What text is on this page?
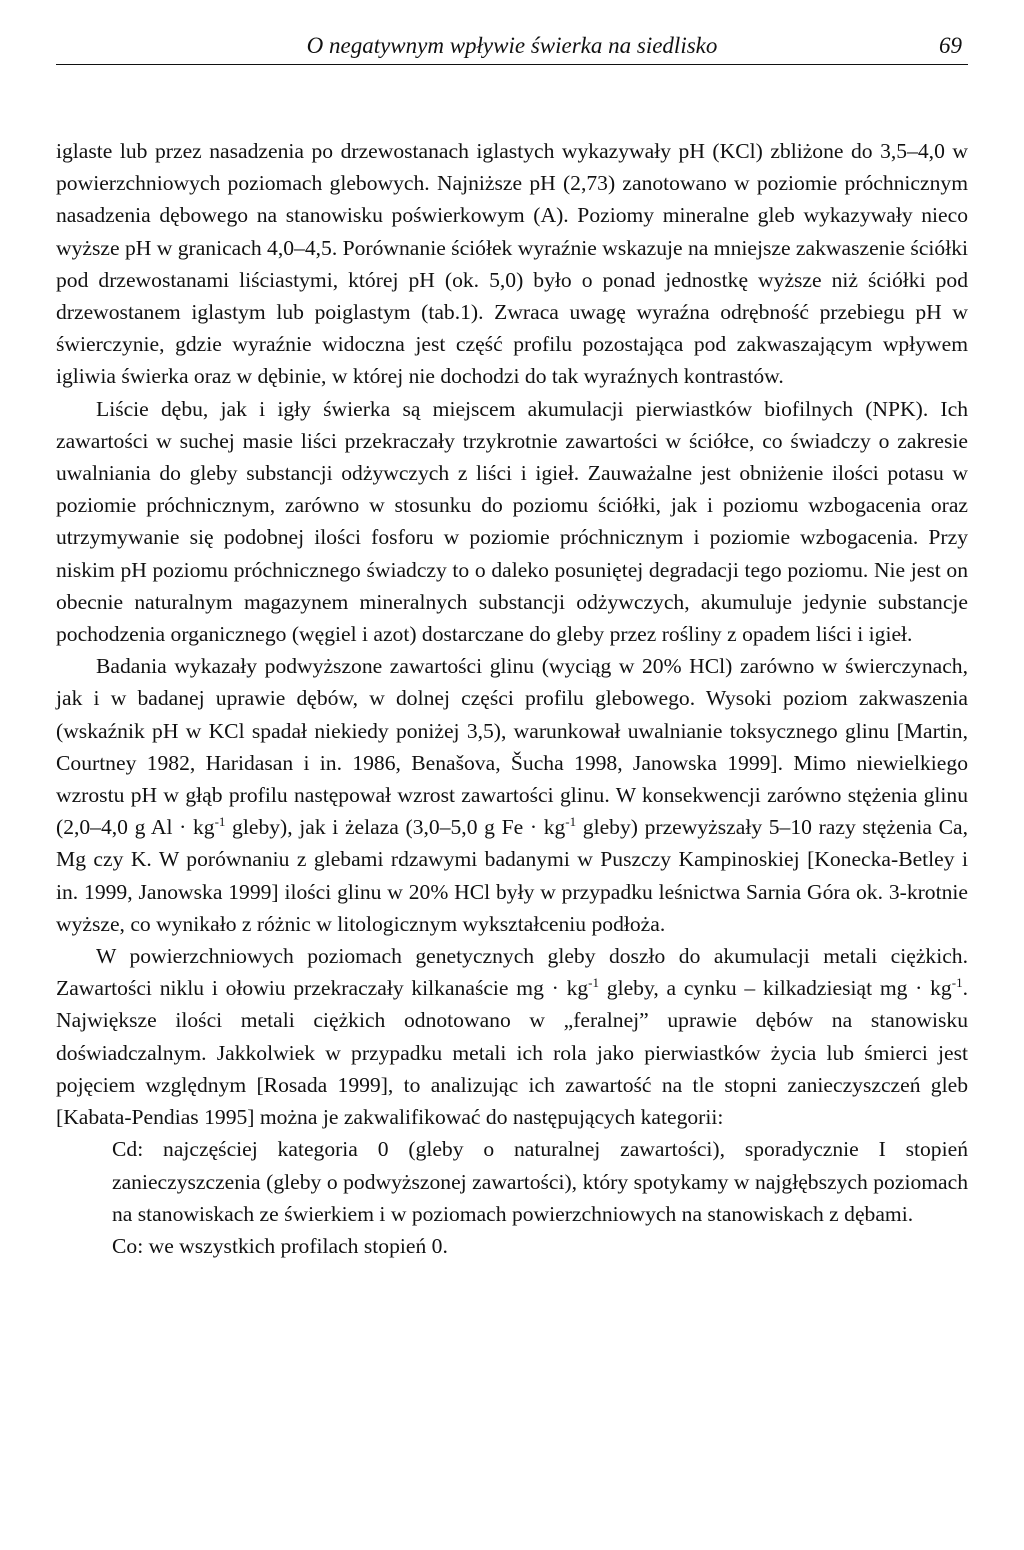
O negatywnym wpływie świerka na siedlisko	69

iglaste lub przez nasadzenia po drzewostanach iglastych wykazywały pH (KCl) zbliżone do 3,5–4,0 w powierzchniowych poziomach glebowych. Najniższe pH (2,73) zanotowano w poziomie próchnicznym nasadzenia dębowego na stanowisku poświerkowym (A). Poziomy mineralne gleb wykazywały nieco wyższe pH w granicach 4,0–4,5. Porównanie ściółek wyraźnie wskazuje na mniejsze zakwaszenie ściółki pod drzewostanami liściastymi, której pH (ok. 5,0) było o ponad jednostkę wyższe niż ściółki pod drzewostanem iglastym lub poiglastym (tab.1). Zwraca uwagę wyraźna odrębność przebiegu pH w świerczynie, gdzie wyraźnie widoczna jest część profilu pozostająca pod zakwaszającym wpływem igliwia świerka oraz w dębinie, w której nie dochodzi do tak wyraźnych kontrastów.

Liście dębu, jak i igły świerka są miejscem akumulacji pierwiastków biofilnych (NPK). Ich zawartości w suchej masie liści przekraczały trzykrotnie zawartości w ściółce, co świadczy o zakresie uwalniania do gleby substancji odżywczych z liści i igieł. Zauważalne jest obniżenie ilości potasu w poziomie próchnicznym, zarówno w stosunku do poziomu ściółki, jak i poziomu wzbogacenia oraz utrzymywanie się podobnej ilości fosforu w poziomie próchnicznym i poziomie wzbogacenia. Przy niskim pH poziomu próchnicznego świadczy to o daleko posuniętej degradacji tego poziomu. Nie jest on obecnie naturalnym magazynem mineralnych substancji odżywczych, akumuluje jedynie substancje pochodzenia organicznego (węgiel i azot) dostarczane do gleby przez rośliny z opadem liści i igieł.

Badania wykazały podwyższone zawartości glinu (wyciąg w 20% HCl) zarówno w świerczynach, jak i w badanej uprawie dębów, w dolnej części profilu glebowego. Wysoki poziom zakwaszenia (wskaźnik pH w KCl spadał niekiedy poniżej 3,5), warunkował uwalnianie toksycznego glinu [Martin, Courtney 1982, Haridasan i in. 1986, Benašova, Šucha 1998, Janowska 1999]. Mimo niewielkiego wzrostu pH w głąb profilu następował wzrost zawartości glinu. W konsekwencji zarówno stężenia glinu (2,0–4,0 g $Al \cdot kg^{-1}$ gleby), jak i żelaza (3,0–5,0 g $Fe \cdot kg^{-1}$ gleby) przewyższały 5–10 razy stężenia Ca, Mg czy K. W porównaniu z glebami rdzawymi badanymi w Puszczy Kampinoskiej [Konecka-Betley i in. 1999, Janowska 1999] ilości glinu w 20% HCl były w przypadku leśnictwa Sarnia Góra ok. 3-krotnie wyższe, co wynikało z różnic w litologicznym wykształceniu podłoża.

W powierzchniowych poziomach genetycznych gleby doszło do akumulacji metali ciężkich. Zawartości niklu i ołowiu przekraczały kilkanaście mg · $kg^{-1}$ gleby, a cynku – kilkadziesiąt mg · $kg^{-1}$. Największe ilości metali ciężkich odnotowano w „feralnej” uprawie dębów na stanowisku doświadczalnym. Jakkolwiek w przypadku metali ich rola jako pierwiastków życia lub śmierci jest pojęciem względnym [Rosada 1999], to analizując ich zawartość na tle stopni zanieczyszczeń gleb [Kabata-Pendias 1995] można je zakwalifikować do następujących kategorii:

Cd: najczęściej kategoria 0 (gleby o naturalnej zawartości), sporadycznie I stopień zanieczyszczenia (gleby o podwyższonej zawartości), który spotykamy w najgłębszych poziomach na stanowiskach ze świerkiem i w poziomach powierzchniowych na stanowiskach z dębami.

Co: we wszystkich profilach stopień 0.
